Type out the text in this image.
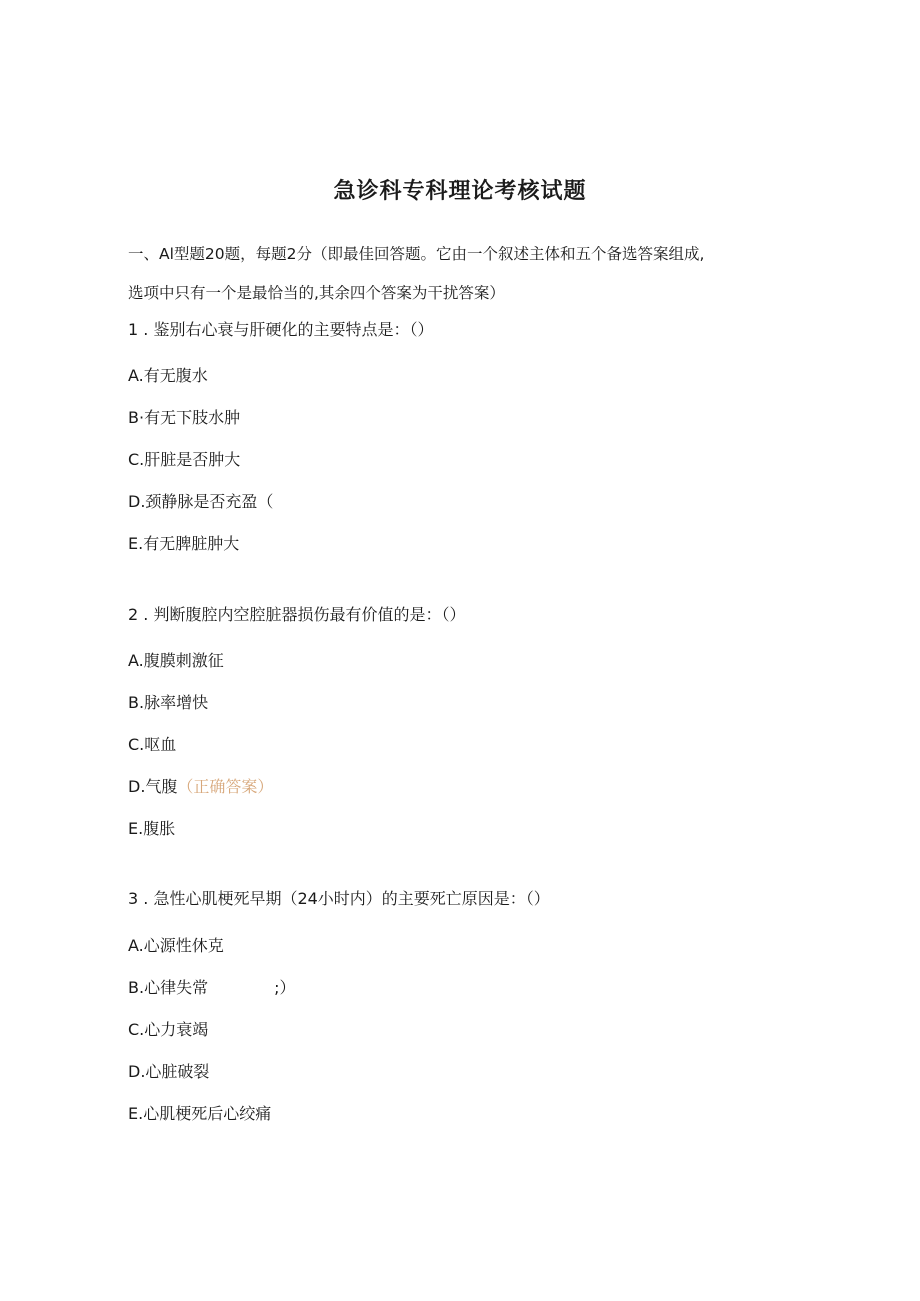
急诊科专科理论考核试题
一、Al型题20题，每题2分（即最佳回答题。它由一个叙述主体和五个备选答案组成,
选项中只有一个是最恰当的,其余四个答案为干扰答案）
1 . 鉴别右心衰与肝硬化的主要特点是：（）
A.有无腹水
B·有无下肢水肿
C.肝脏是否肿大
D.颈静脉是否充盈（
E.有无脾脏肿大
2 . 判断腹腔内空腔脏器损伤最有价值的是：（）
A.腹膜刺激征
B.脉率增快
C.呕血
D.气腹（正确答案）
E.腹胀
3 . 急性心肌梗死早期（24小时内）的主要死亡原因是：（）
A.心源性休克
B.心律失常	;）
C.心力衰竭
D.心脏破裂
E.心肌梗死后心绞痛
